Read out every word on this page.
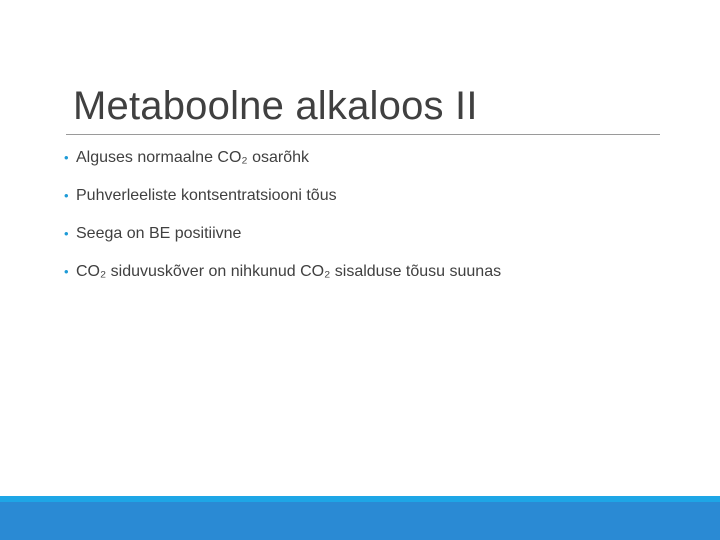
Metaboolne alkaloos II
• Alguses normaalne CO₂ osarõhk
• Puhverleeliste kontsentratsiooni tõus
• Seega on BE positiivne
• CO₂ siduvuskõver on nihkunud CO₂ sisalduse tõusu suunas
